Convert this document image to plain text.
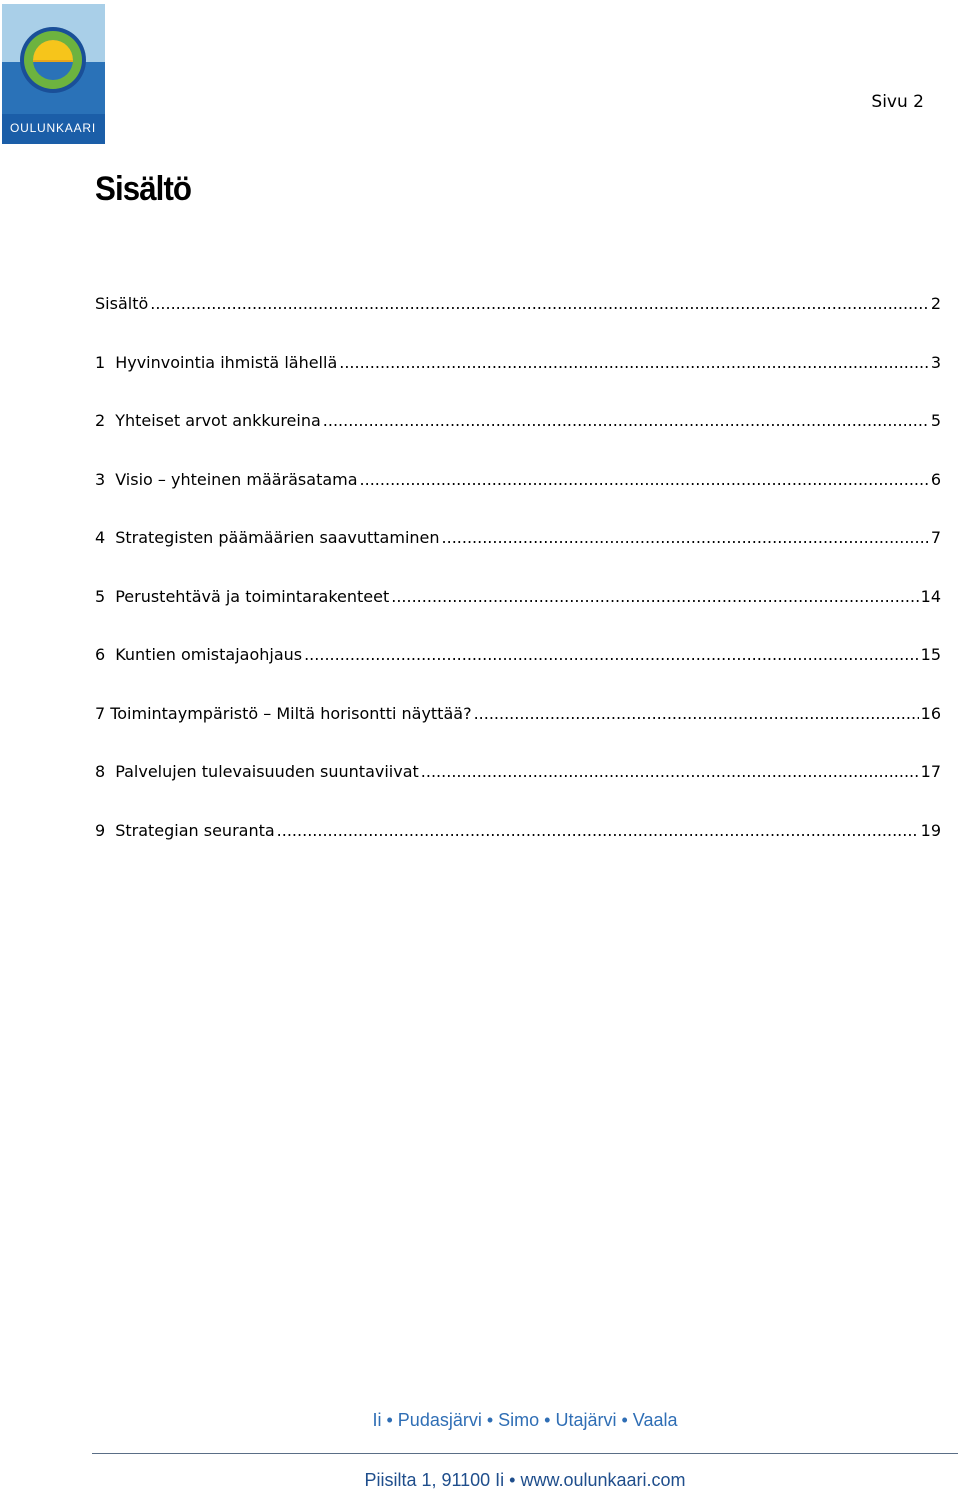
OULUNKAARI
Sivu 2
Sisältö
Sisältö .....	2
1 Hyvinvointia ihmistä lähellä .....	3
2 Yhteiset arvot ankkureina .....	5
3 Visio – yhteinen määräsatama .....	6
4 Strategisten päämäärien saavuttaminen .....	7
5 Perustehtävä ja toimintarakenteet .....	14
6 Kuntien omistajaohjaus .....	15
7 Toimintaympäristö – Miltä horisontti näyttää? .....	16
8 Palvelujen tulevaisuuden suuntaviivat .....	17
9 Strategian seuranta .....	19
Ii • Pudasjärvi • Simo • Utajärvi • Vaala
Piisilta 1, 91100 Ii • www.oulunkaari.com
